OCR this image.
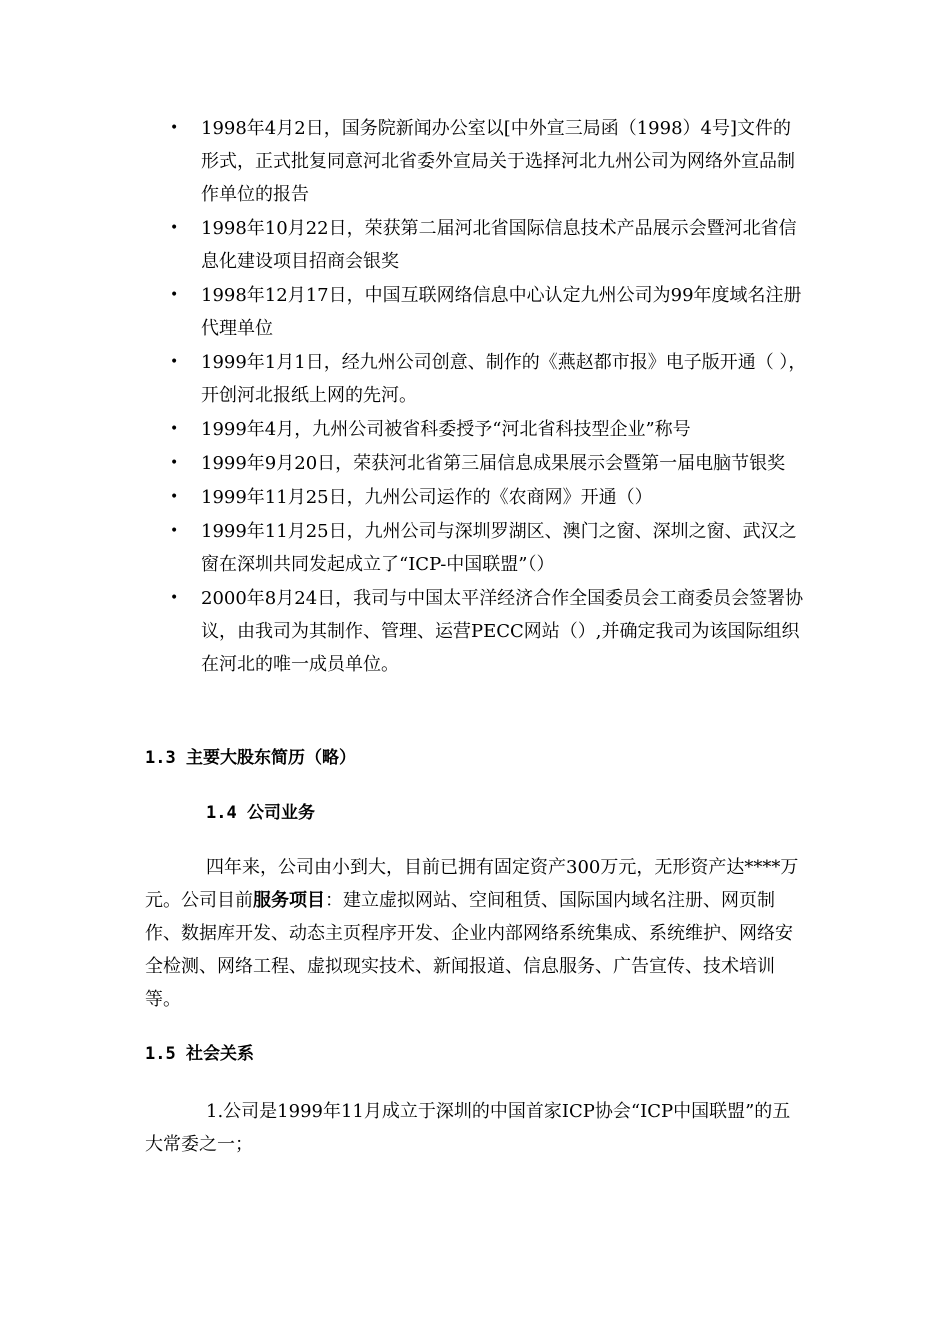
• 1998年4月2日，国务院新闻办公室以[中外宣三局函（1998）4号]文件的形式，正式批复同意河北省委外宣局关于选择河北九州公司为网络外宣品制作单位的报告
• 1998年10月22日，荣获第二届河北省国际信息技术产品展示会暨河北省信息化建设项目招商会银奖
• 1998年12月17日，中国互联网络信息中心认定九州公司为99年度域名注册代理单位
• 1999年1月1日，经九州公司创意、制作的《燕赵都市报》电子版开通（ ），开创河北报纸上网的先河。
• 1999年4月，九州公司被省科委授予“河北省科技型企业”称号
• 1999年9月20日，荣获河北省第三届信息成果展示会暨第一届电脑节银奖
• 1999年11月25日，九州公司运作的《农商网》开通（）
• 1999年11月25日，九州公司与深圳罗湖区、澳门之窗、深圳之窗、武汉之窗在深圳共同发起成立了“ICP-中国联盟”（）
• 2000年8月24日，我司与中国太平洋经济合作全国委员会工商委员会签署协议，由我司为其制作、管理、运营PECC网站（）,并确定我司为该国际组织在河北的唯一成员单位。
1.3 主要大股东简历（略）
1.4 公司业务

四年来，公司由小到大，目前已拥有固定资产300万元，无形资产达****万元。公司目前服务项目：建立虚拟网站、空间租赁、国际国内域名注册、网页制作、数据库开发、动态主页程序开发、企业内部网络系统集成、系统维护、网络安全检测、网络工程、虚拟现实技术、新闻报道、信息服务、广告宣传、技术培训等。

1.5 社会关系

1.公司是1999年11月成立于深圳的中国首家ICP协会“ICP中国联盟”的五大常委之一；
